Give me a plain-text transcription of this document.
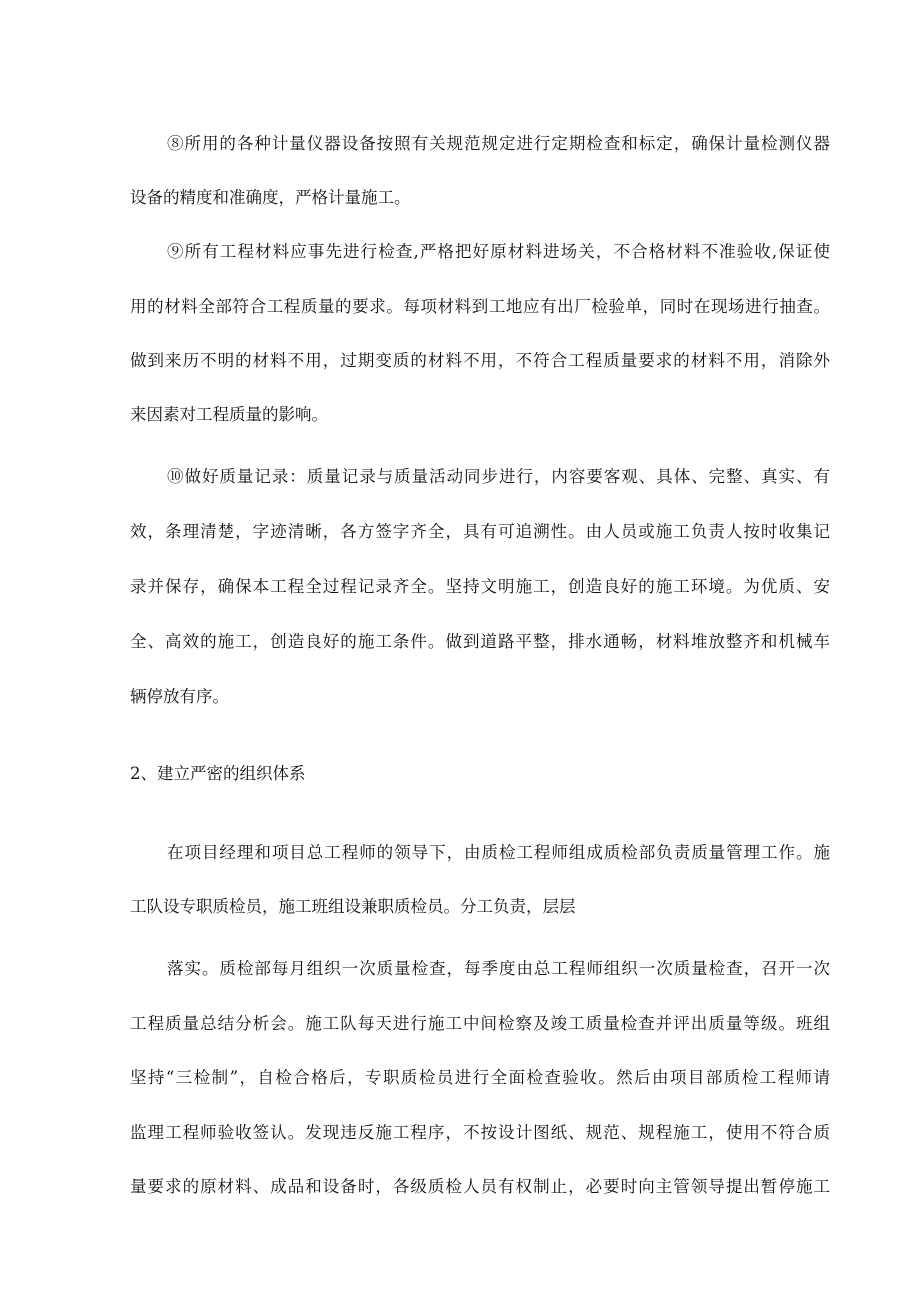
⑧所用的各种计量仪器设备按照有关规范规定进行定期检查和标定，确保计量检测仪器
设备的精度和准确度，严格计量施工。
⑨所有工程材料应事先进行检查,严格把好原材料进场关，不合格材料不准验收,保证使
用的材料全部符合工程质量的要求。每项材料到工地应有出厂检验单，同时在现场进行抽查。
做到来历不明的材料不用，过期变质的材料不用，不符合工程质量要求的材料不用，消除外
来因素对工程质量的影响。
⑩做好质量记录：质量记录与质量活动同步进行，内容要客观、具体、完整、真实、有
效，条理清楚，字迹清晰，各方签字齐全，具有可追溯性。由人员或施工负责人按时收集记
录并保存，确保本工程全过程记录齐全。坚持文明施工，创造良好的施工环境。为优质、安
全、高效的施工，创造良好的施工条件。做到道路平整，排水通畅，材料堆放整齐和机械车
辆停放有序。
2、建立严密的组织体系
在项目经理和项目总工程师的领导下，由质检工程师组成质检部负责质量管理工作。施
工队设专职质检员，施工班组设兼职质检员。分工负责，层层
落实。质检部每月组织一次质量检查，每季度由总工程师组织一次质量检查，召开一次
工程质量总结分析会。施工队每天进行施工中间检察及竣工质量检查并评出质量等级。班组
坚持“三检制”，自检合格后，专职质检员进行全面检查验收。然后由项目部质检工程师请
监理工程师验收签认。发现违反施工程序，不按设计图纸、规范、规程施工，使用不符合质
量要求的原材料、成品和设备时，各级质检人员有权制止，必要时向主管领导提出暂停施工
